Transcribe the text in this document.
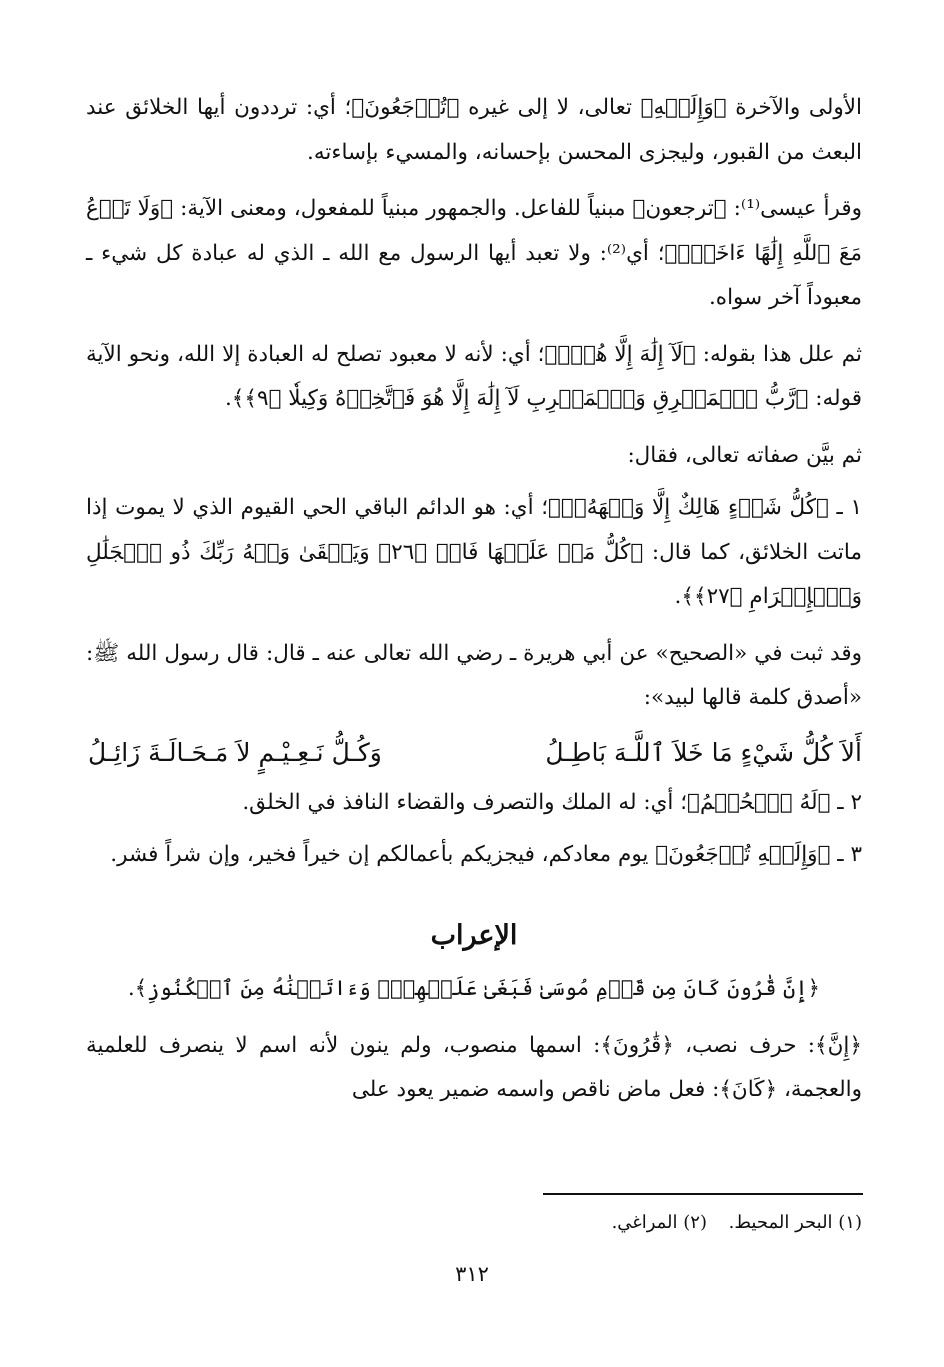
الأولى والآخرة ﴿وَإِلَيۡهِ﴾ تعالى، لا إلى غيره ﴿تُرۡجَعُونَ﴾؛ أي: ترددون أيها الخلائق عند البعث من القبور، وليجزى المحسن بإحسانه، والمسيء بإساءته.

وقرأ عيسى⁽¹⁾: ﴿ترجعون﴾ مبنياً للفاعل. والجمهور مبنياً للمفعول، ومعنى الآية: ﴿وَلَا تَدۡعُ مَعَ ٱللَّهِ إِلَٰهًا ءَاخَرَۘ﴾؛ أي⁽²⁾: ولا تعبد أيها الرسول مع الله ـ الذي له عبادة كل شيء ـ معبوداً آخر سواه.

ثم علل هذا بقوله: ﴿لَآ إِلَٰهَ إِلَّا هُوَۚ﴾؛ أي: لأنه لا معبود تصلح له العبادة إلا الله، ونحو الآية قوله: ﴿رَّبُّ ٱلۡمَشۡرِقِ وَٱلۡمَغۡرِبِ لَآ إِلَٰهَ إِلَّا هُوَ فَٱتَّخِذۡهُ وَكِيلٗا ﴿٩﴾﴾.

ثم بيَّن صفاته تعالى، فقال:

١ ـ ﴿كُلُّ شَيۡءٍ هَالِكٌ إِلَّا وَجۡهَهُۥۚ﴾؛ أي: هو الدائم الباقي الحي القيوم الذي لا يموت إذا ماتت الخلائق، كما قال: ﴿كُلُّ مَنۡ عَلَيۡهَا فَانٖ ﴿٢٦﴾ وَيَبۡقَىٰ وَجۡهُ رَبِّكَ ذُو ٱلۡجَلَٰلِ وَٱلۡإِكۡرَامِ ﴿٢٧﴾﴾.

وقد ثبت في «الصحيح» عن أبي هريرة ـ رضي الله تعالى عنه ـ قال: قال رسول الله ﷺ: «أصدق كلمة قالها لبيد»:

أَلاَ كُلُّ شَيْءٍ مَا خَلاَ ٱللَّـهَ بَاطِـلُ
وَكُـلُّ نَـعِـيْـمٍ لاَ مَـحَـالَـةَ زَائِـلُ

٢ ـ ﴿لَهُ ٱلۡحُكۡمُ﴾؛ أي: له الملك والتصرف والقضاء النافذ في الخلق.

٣ ـ ﴿وَإِلَيۡهِ تُرۡجَعُونَ﴾ يوم معادكم، فيجزيكم بأعمالكم إن خيراً فخير، وإن شراً فشر.

الإعراب
﴿إِنَّ قَٰرُونَ كَانَ مِن قَوۡمِ مُوسَىٰ فَبَغَىٰ عَلَيۡهِمۡۖ وَءَاتَيۡنَٰهُ مِنَ ٱلۡكُنُوزِ﴾.

﴿إِنَّ﴾: حرف نصب، ﴿قَٰرُونَ﴾: اسمها منصوب، ولم ينون لأنه اسم لا ينصرف للعلمية والعجمة، ﴿كَانَ﴾: فعل ماض ناقص واسمه ضمير يعود على

(١) البحر المحيط.
(٢) المراغي.
٣١٢
